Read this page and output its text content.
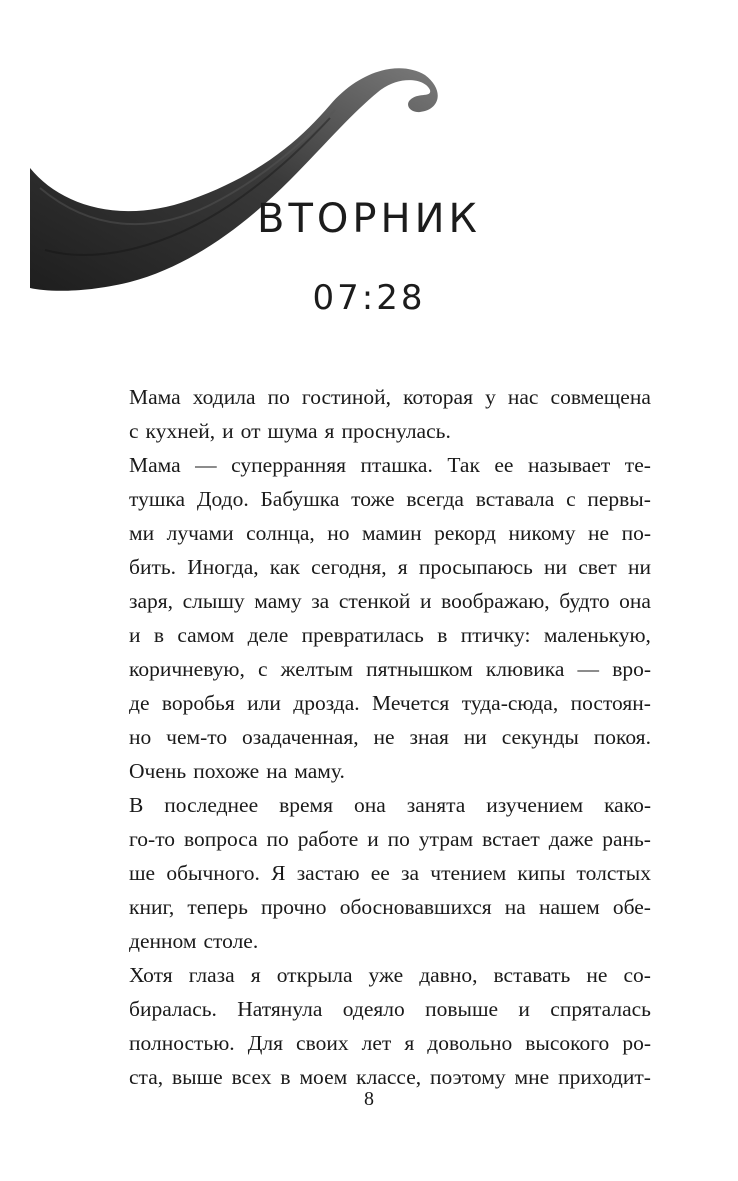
ВТОРНИК
07:28
Мама ходила по гостиной, которая у нас совмещена
с кухней, и от шума я проснулась.
Мама — суперранняя пташка. Так ее называет те-
тушка Додо. Бабушка тоже всегда вставала с первы-
ми лучами солнца, но мамин рекорд никому не по-
бить. Иногда, как сегодня, я просыпаюсь ни свет ни
заря, слышу маму за стенкой и воображаю, будто она
и в самом деле превратилась в птичку: маленькую,
коричневую, с желтым пятнышком клювика — вро-
де воробья или дрозда. Мечется туда-сюда, постоян-
но чем-то озадаченная, не зная ни секунды покоя.
Очень похоже на маму.
В последнее время она занята изучением како-
го-то вопроса по работе и по утрам встает даже рань-
ше обычного. Я застаю ее за чтением кипы толстых
книг, теперь прочно обосновавшихся на нашем обе-
денном столе.
Хотя глаза я открыла уже давно, вставать не со-
биралась. Натянула одеяло повыше и спряталась
полностью. Для своих лет я довольно высокого ро-
ста, выше всех в моем классе, поэтому мне приходит-
8
